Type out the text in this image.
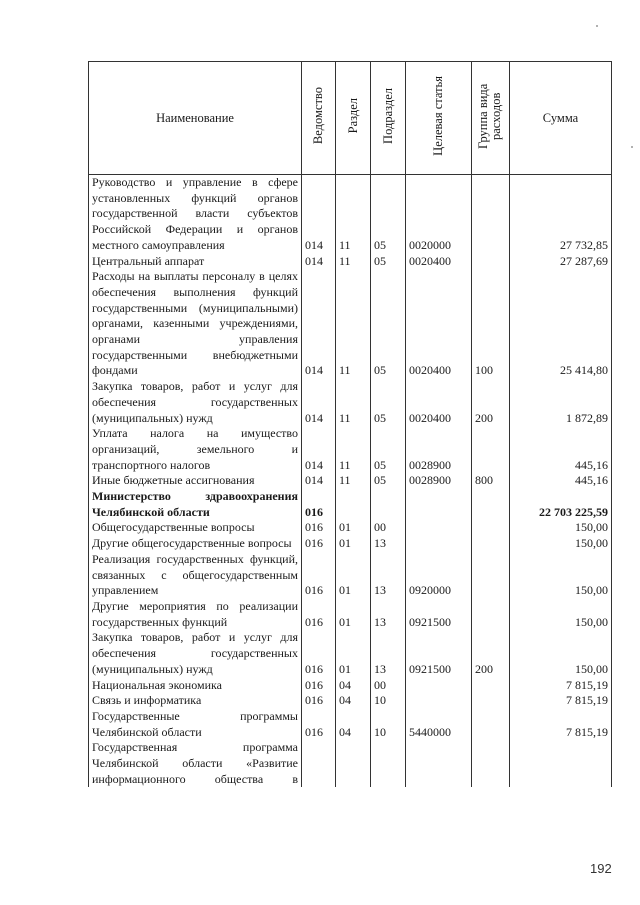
Наименование	Ведомство	Раздел	Подраздел	Целевая статья	Группа вида расходов	Сумма
Руководство и управление в сфере установленных функций органов государственной власти субъектов Российской Федерации и органов местного самоуправления	014	11	05	0020000		27 732,85
Центральный аппарат	014	11	05	0020400		27 287,69
Расходы на выплаты персоналу в целях обеспечения выполнения функций государственными (муниципальными) органами, казенными учреждениями, органами управления государственными внебюджетными фондами	014	11	05	0020400	100	25 414,80
Закупка товаров, работ и услуг для обеспечения государственных (муниципальных) нужд	014	11	05	0020400	200	1 872,89
Уплата налога на имущество организаций, земельного и транспортного налогов	014	11	05	0028900		445,16
Иные бюджетные ассигнования	014	11	05	0028900	800	445,16
Министерство здравоохранения Челябинской области	016					22 703 225,59
Общегосударственные вопросы	016	01	00			150,00
Другие общегосударственные вопросы	016	01	13			150,00
Реализация государственных функций, связанных с общегосударственным управлением	016	01	13	0920000		150,00
Другие мероприятия по реализации государственных функций	016	01	13	0921500		150,00
Закупка товаров, работ и услуг для обеспечения государственных (муниципальных) нужд	016	01	13	0921500	200	150,00
Национальная экономика	016	04	00			7 815,19
Связь и информатика	016	04	10			7 815,19
Государственные программы Челябинской области	016	04	10	5440000		7 815,19
Государственная программа Челябинской области «Развитие информационного общества в						
192
